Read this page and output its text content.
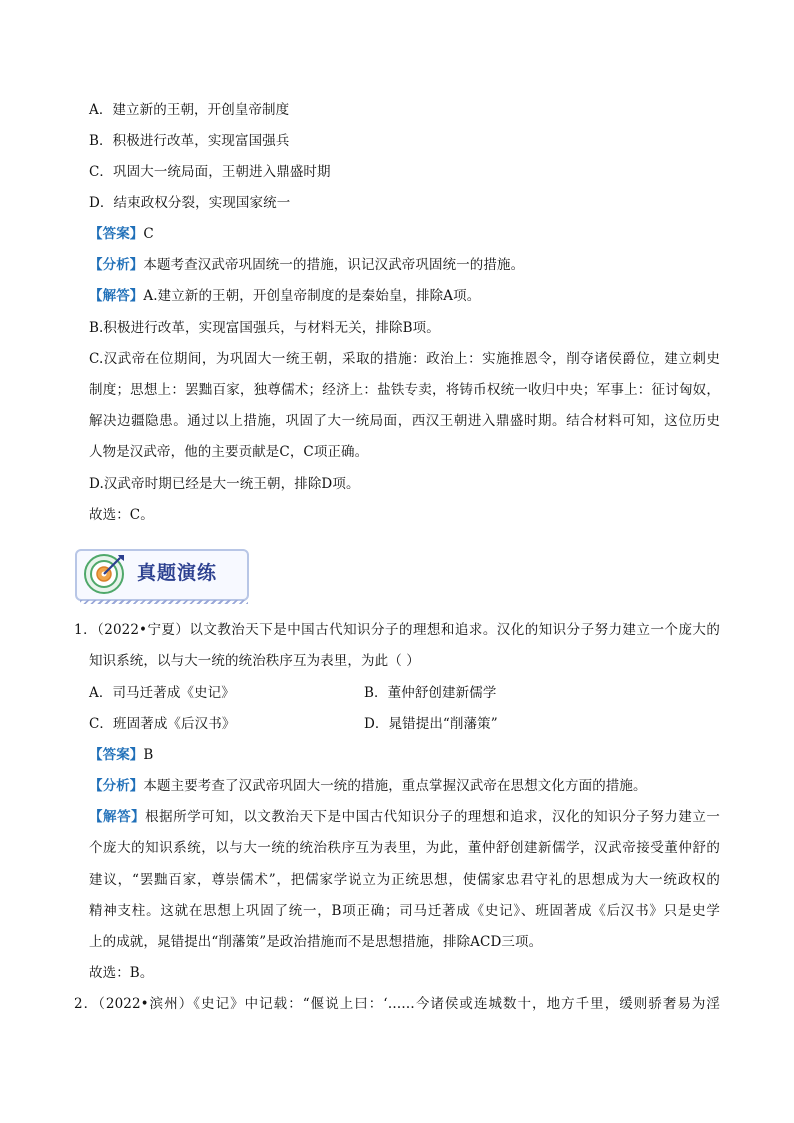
A．建立新的王朝，开创皇帝制度
B．积极进行改革，实现富国强兵
C．巩固大一统局面，王朝进入鼎盛时期
D．结束政权分裂，实现国家统一
【答案】C
【分析】本题考查汉武帝巩固统一的措施，识记汉武帝巩固统一的措施。
【解答】A.建立新的王朝，开创皇帝制度的是秦始皇，排除A项。
B.积极进行改革，实现富国强兵，与材料无关，排除B项。
C.汉武帝在位期间，为巩固大一统王朝，采取的措施：政治上：实施推恩令，削夺诸侯爵位，建立刺史
制度；思想上：罢黜百家，独尊儒术；经济上：盐铁专卖，将铸币权统一收归中央；军事上：征讨匈奴，
解决边疆隐患。通过以上措施，巩固了大一统局面，西汉王朝进入鼎盛时期。结合材料可知，这位历史
人物是汉武帝，他的主要贡献是C，C项正确。
D.汉武帝时期已经是大一统王朝，排除D项。
故选：C。
真题演练
1．（2022•宁夏）以文教治天下是中国古代知识分子的理想和追求。汉化的知识分子努力建立一个庞大的
知识系统，以与大一统的统治秩序互为表里，为此（ ）
A．司马迁著成《史记》	B．董仲舒创建新儒学
C．班固著成《后汉书》	D．晁错提出“削藩策”
【答案】B
【分析】本题主要考查了汉武帝巩固大一统的措施，重点掌握汉武帝在思想文化方面的措施。
【解答】根据所学可知，以文教治天下是中国古代知识分子的理想和追求，汉化的知识分子努力建立一
个庞大的知识系统，以与大一统的统治秩序互为表里，为此，董仲舒创建新儒学，汉武帝接受董仲舒的
建议，“罢黜百家，尊崇儒术”，把儒家学说立为正统思想，使儒家忠君守礼的思想成为大一统政权的
精神支柱。这就在思想上巩固了统一，B项正确；司马迁著成《史记》、班固著成《后汉书》只是史学
上的成就，晁错提出“削藩策”是政治措施而不是思想措施，排除ACD三项。
故选：B。
2．（2022•滨州）《史记》中记载：“偃说上曰：‘……今诸侯或连城数十，地方千里，缓则骄奢易为淫
